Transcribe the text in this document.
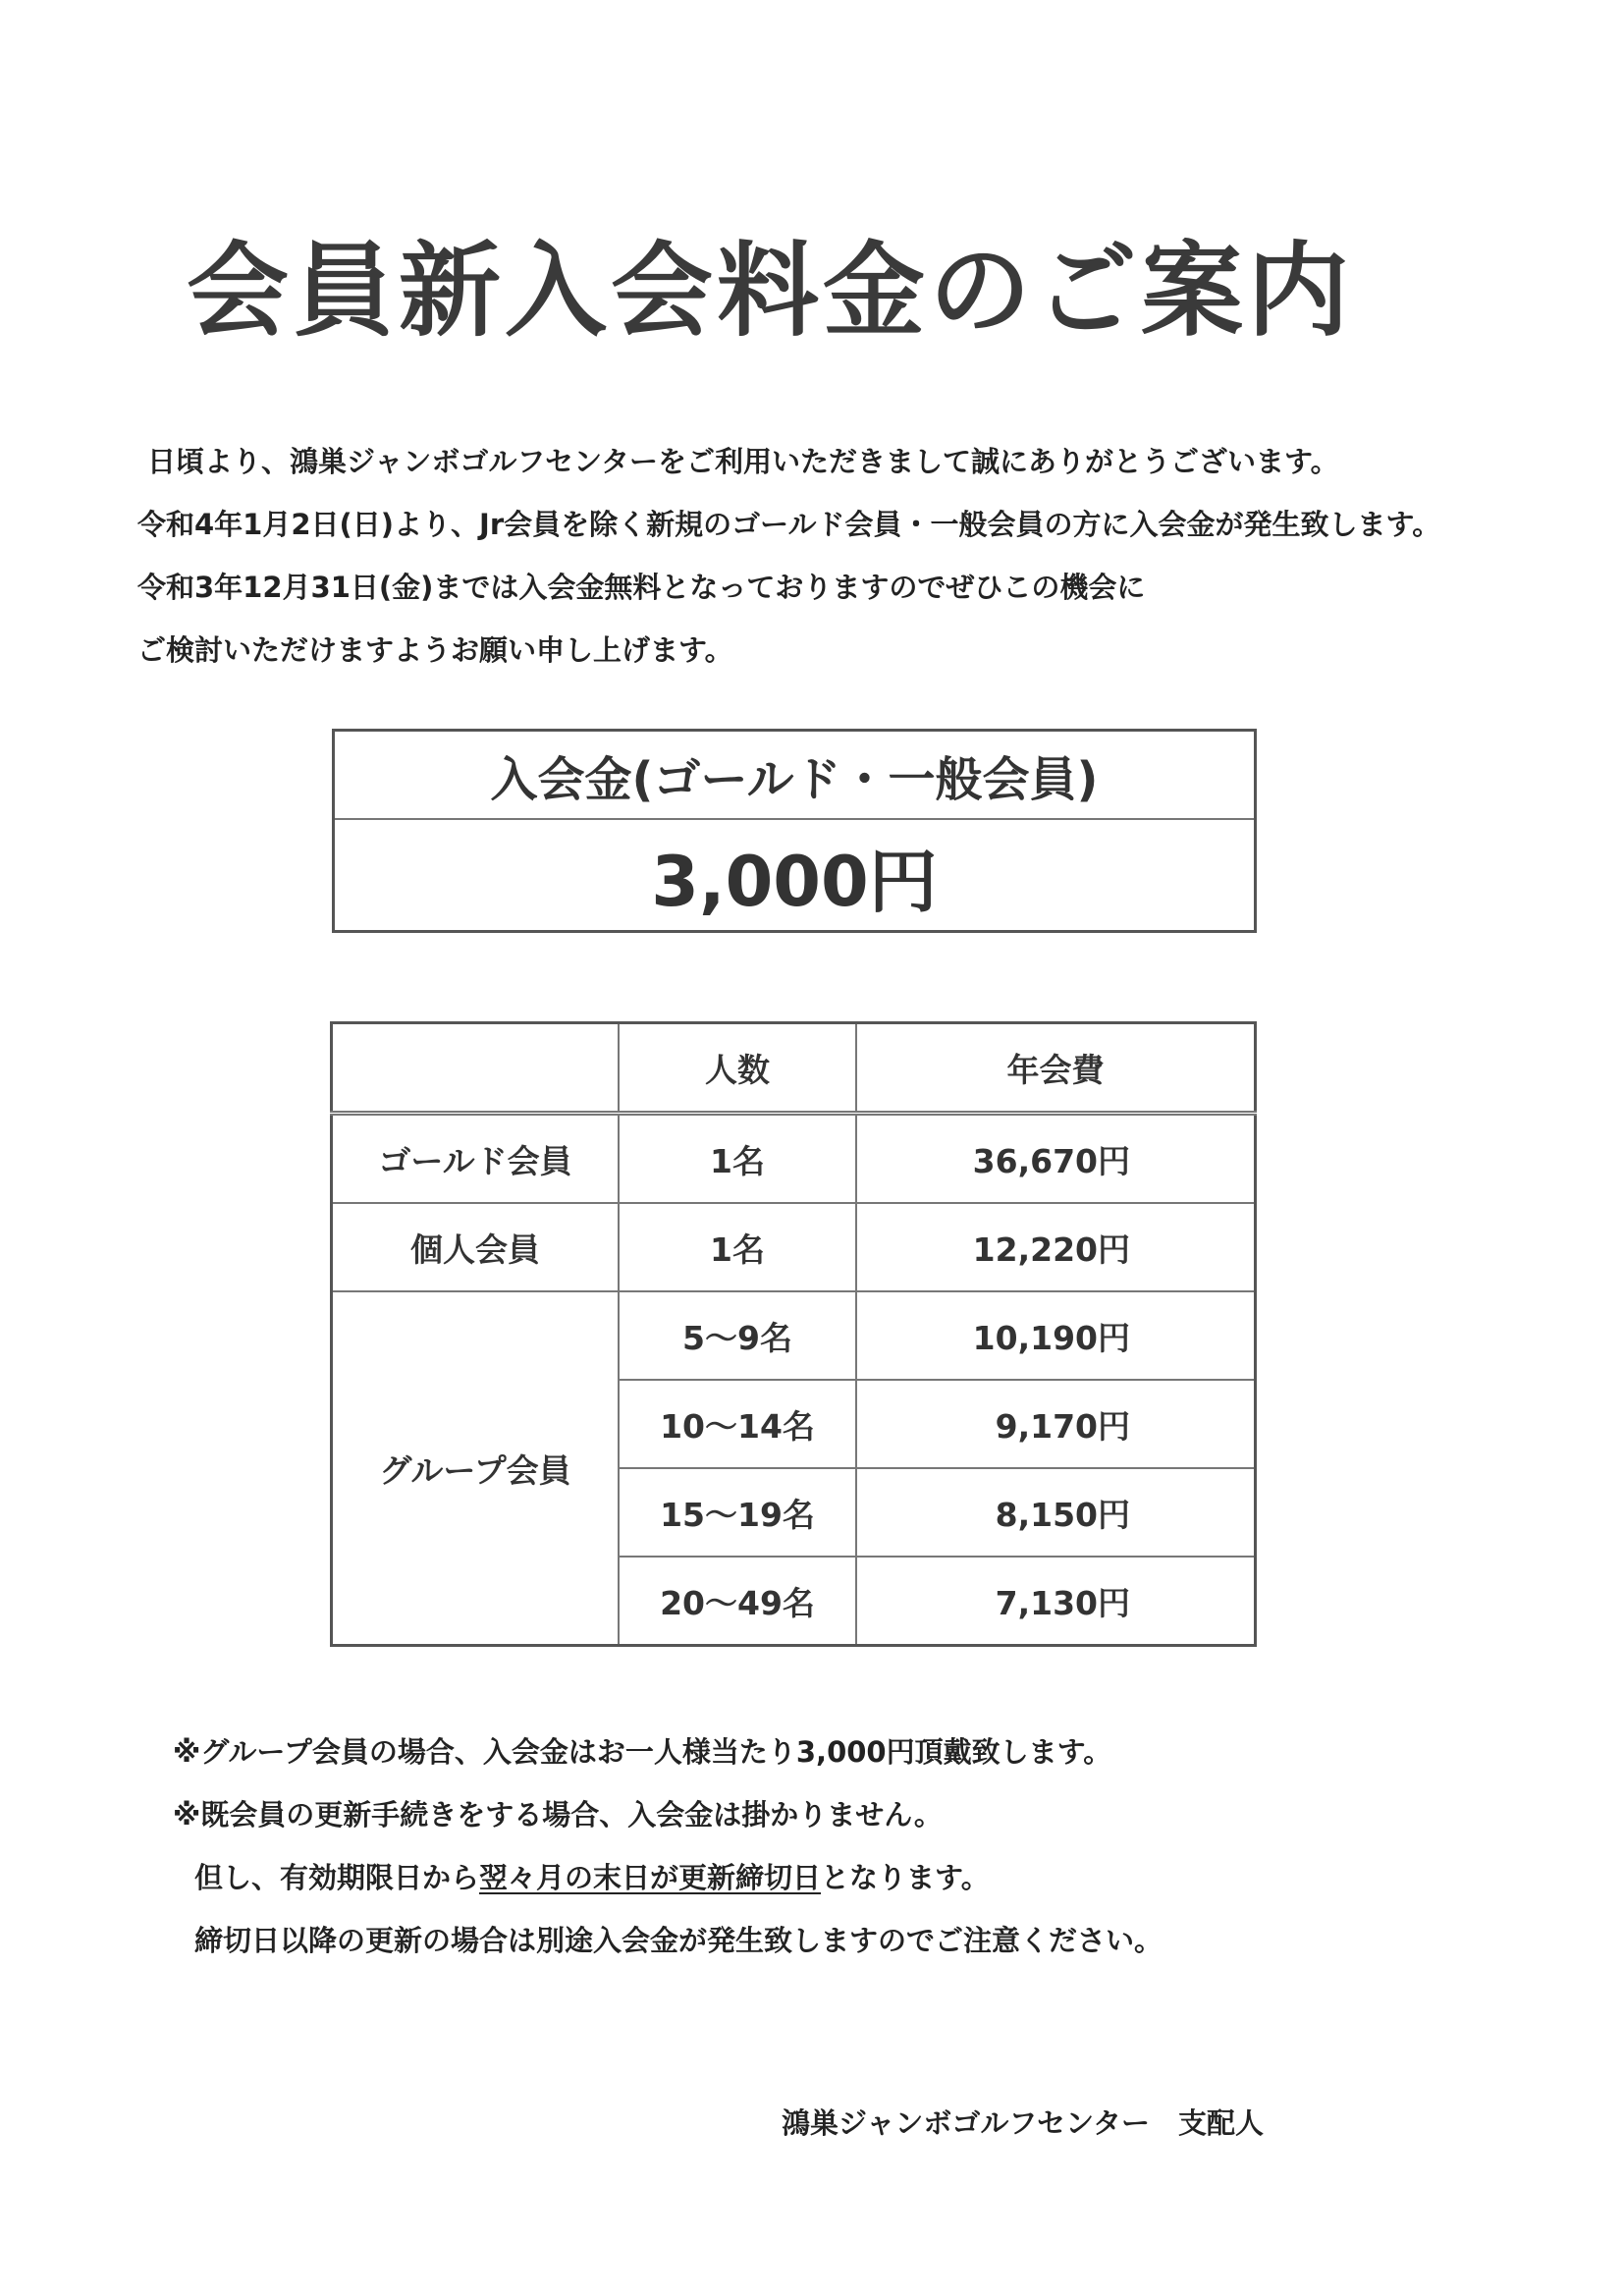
会員新入会料金のご案内
日頃より、鴻巣ジャンボゴルフセンターをご利用いただきまして誠にありがとうございます。
令和4年1月2日(日)より、Jr会員を除く新規のゴールド会員・一般会員の方に入会金が発生致します。
令和3年12月31日(金)までは入会金無料となっておりますのでぜひこの機会に
ご検討いただけますようお願い申し上げます。
入会金(ゴールド・一般会員)
3,000円
	人数	年会費
ゴールド会員	1名	36,670円
個人会員	1名	12,220円
グループ会員	5～9名	10,190円
	10～14名	9,170円
	15～19名	8,150円
	20～49名	7,130円
※グループ会員の場合、入会金はお一人様当たり3,000円頂戴致します。
※既会員の更新手続きをする場合、入会金は掛かりません。
但し、有効期限日から翌々月の末日が更新締切日となります。
締切日以降の更新の場合は別途入会金が発生致しますのでご注意ください。
鴻巣ジャンボゴルフセンター　支配人
